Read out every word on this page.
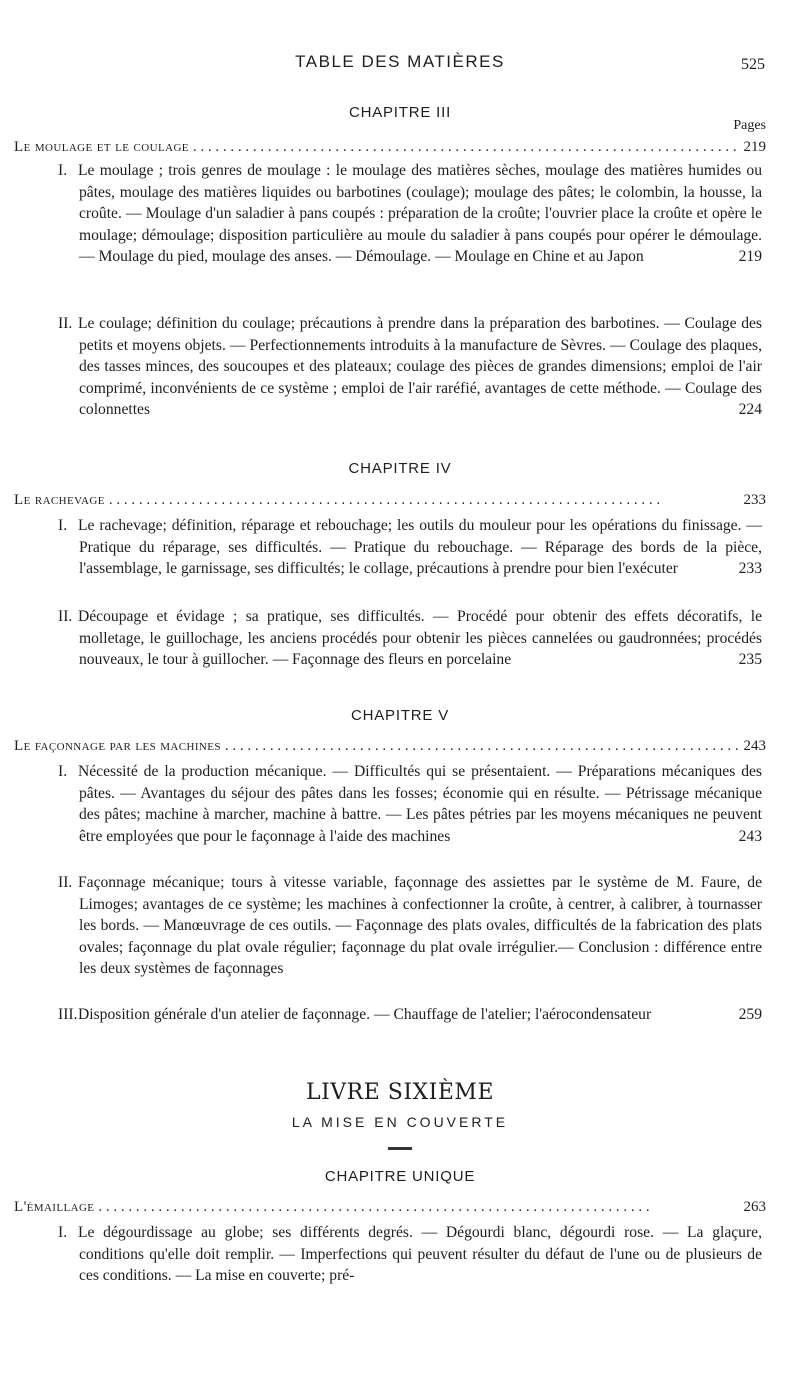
TABLE DES MATIÈRES	525
CHAPITRE III
Pages
Le moulage et le coulage . . .	219
I. Le moulage ; trois genres de moulage : le moulage des matières sèches, moulage des matières humides ou pâtes, moulage des matières liquides ou barbotines (coulage); moulage des pâtes; le colombin, la housse, la croûte. — Moulage d'un saladier à pans coupés : préparation de la croûte; l'ouvrier place la croûte et opère le moulage; démoulage; disposition particulière au moule du saladier à pans coupés pour opérer le démoulage. — Moulage du pied, moulage des anses. — Démoulage. — Moulage en Chine et au Japon	219
II. Le coulage; définition du coulage; précautions à prendre dans la préparation des barbotines. — Coulage des petits et moyens objets. — Perfectionnements introduits à la manufacture de Sèvres. — Coulage des plaques, des tasses minces, des soucoupes et des plateaux; coulage des pièces de grandes dimensions; emploi de l'air comprimé, inconvénients de ce système ; emploi de l'air raréfié, avantages de cette méthode. — Coulage des colonnettes	224
CHAPITRE IV
Le rachevage . . .	233
I. Le rachevage; définition, réparage et rebouchage; les outils du mouleur pour les opérations du finissage. — Pratique du réparage, ses difficultés. — Pratique du rebouchage. — Réparage des bords de la pièce, l'assemblage, le garnissage, ses difficultés; le collage, précautions à prendre pour bien l'exécuter	233
II. Découpage et évidage ; sa pratique, ses difficultés. — Procédé pour obtenir des effets décoratifs, le molletage, le guillochage, les anciens procédés pour obtenir les pièces cannelées ou gaudronnées; procédés nouveaux, le tour à guillocher. — Façonnage des fleurs en porcelaine	235
CHAPITRE V
Le façonnage par les machines . . .	243
I. Nécessité de la production mécanique. — Difficultés qui se présentaient. — Préparations mécaniques des pâtes. — Avantages du séjour des pâtes dans les fosses; économie qui en résulte. — Pétrissage mécanique des pâtes; machine à marcher, machine à battre. — Les pâtes pétries par les moyens mécaniques ne peuvent être employées que pour le façonnage à l'aide des machines	243
II. Façonnage mécanique; tours à vitesse variable, façonnage des assiettes par le système de M. Faure, de Limoges; avantages de ce système; les machines à confectionner la croûte, à centrer, à calibrer, à tournasser les bords. — Manœuvrage de ces outils. — Façonnage des plats ovales, difficultés de la fabrication des plats ovales; façonnage du plat ovale régulier; façonnage du plat ovale irrégulier.— Conclusion : différence entre les deux systèmes de façonnages
III.Disposition générale d'un atelier de façonnage. — Chauffage de l'atelier; l'aérocondensateur	259
LIVRE SIXIÈME
LA MISE EN COUVERTE
CHAPITRE UNIQUE
L'émaillage . . .	263
I. Le dégourdissage au globe; ses différents degrés. — Dégourdi blanc, dégourdi rose. — La glaçure, conditions qu'elle doit remplir. — Imperfections qui peuvent résulter du défaut de l'une ou de plusieurs de ces conditions. — La mise en couverte; pré-
